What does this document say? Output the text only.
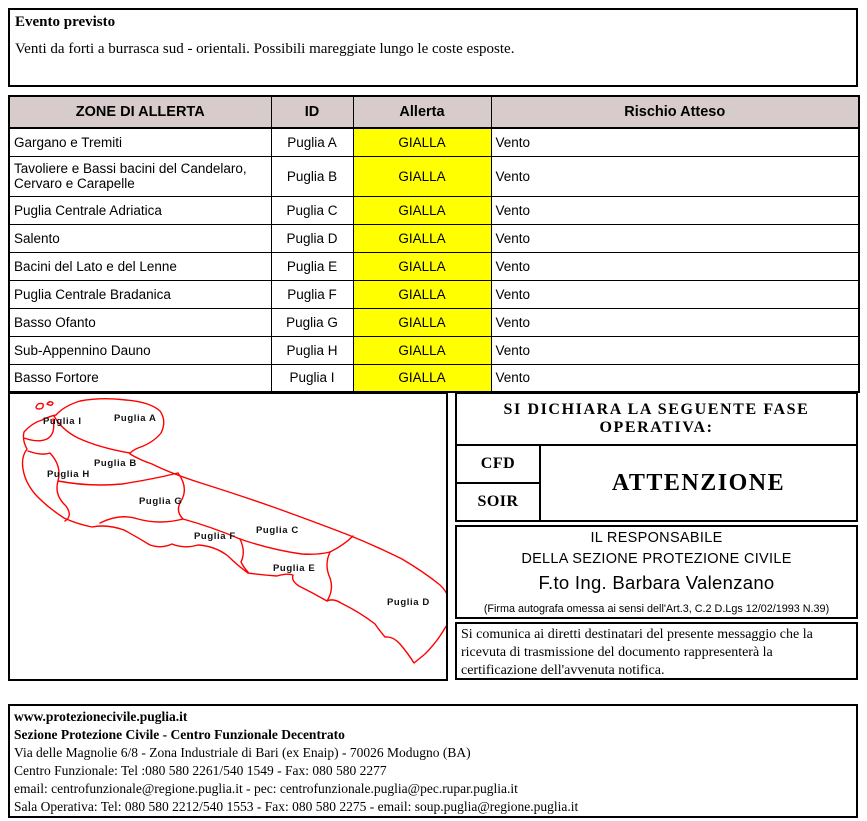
Evento previsto
Venti da forti a burrasca sud - orientali. Possibili mareggiate lungo le coste esposte.
ZONE DI ALLERTA	ID	Allerta	Rischio Atteso
Gargano e Tremiti	Puglia A	GIALLA	Vento
Tavoliere e Bassi bacini del Candelaro, Cervaro e Carapelle	Puglia B	GIALLA	Vento
Puglia Centrale Adriatica	Puglia C	GIALLA	Vento
Salento	Puglia D	GIALLA	Vento
Bacini del Lato e del Lenne	Puglia E	GIALLA	Vento
Puglia Centrale Bradanica	Puglia F	GIALLA	Vento
Basso Ofanto	Puglia G	GIALLA	Vento
Sub-Appennino Dauno	Puglia H	GIALLA	Vento
Basso Fortore	Puglia I	GIALLA	Vento
Puglia I	Puglia A
Puglia B
Puglia H
Puglia G
Puglia C
Puglia F
Puglia E
Puglia D
SI DICHIARA LA SEGUENTE FASE OPERATIVA:
CFD
SOIR
ATTENZIONE
IL RESPONSABILE
DELLA SEZIONE PROTEZIONE CIVILE
F.to Ing. Barbara Valenzano
(Firma autografa omessa ai sensi dell'Art.3, C.2 D.Lgs 12/02/1993 N.39)
Si comunica ai diretti destinatari del presente messaggio che la ricevuta di trasmissione del documento rappresenterà la certificazione dell'avvenuta notifica.
www.protezionecivile.puglia.it
Sezione Protezione Civile - Centro Funzionale Decentrato
Via delle Magnolie 6/8 - Zona Industriale di Bari (ex Enaip) - 70026 Modugno (BA)
Centro Funzionale: Tel :080 580 2261/540 1549 - Fax: 080 580 2277
email: centrofunzionale@regione.puglia.it - pec: centrofunzionale.puglia@pec.rupar.puglia.it
Sala Operativa: Tel: 080 580 2212/540 1553 - Fax: 080 580 2275 - email: soup.puglia@regione.puglia.it
